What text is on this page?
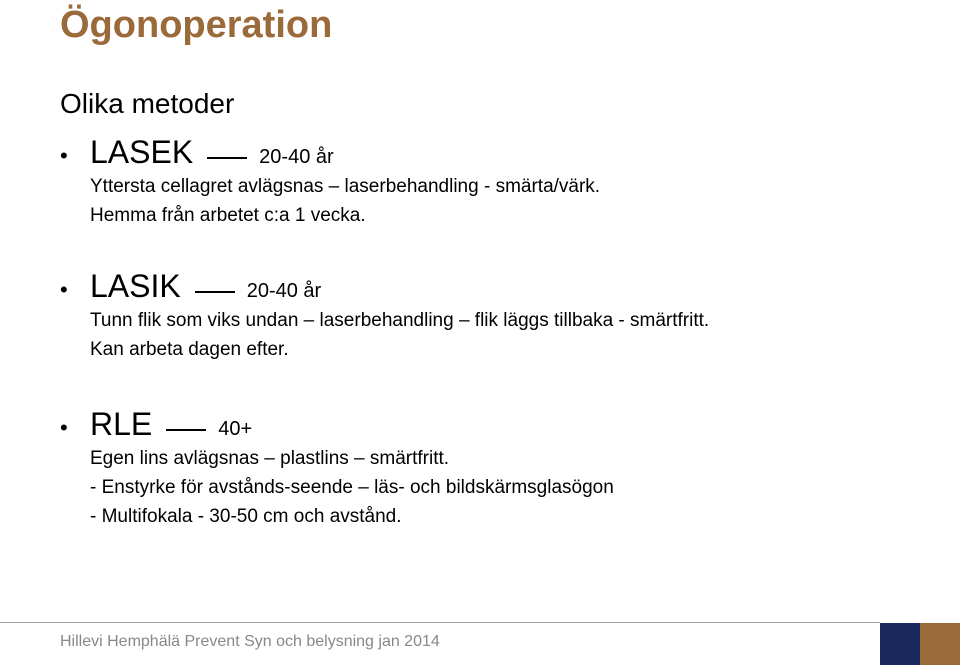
Ögonoperation
Olika metoder
• LASEK	20-40 år
Yttersta cellagret avlägsnas – laserbehandling - smärta/värk.
Hemma från arbetet c:a 1 vecka.
• LASIK	20-40 år
Tunn flik som viks undan – laserbehandling – flik läggs tillbaka - smärtfritt.
Kan arbeta dagen efter.
• RLE	40+
Egen lins avlägsnas – plastlins – smärtfritt.
- Enstyrke för avstånds-seende – läs- och bildskärmsglasögon
- Multifokala - 30-50 cm och avstånd.
Hillevi Hemphälä Prevent Syn och belysning jan 2014
